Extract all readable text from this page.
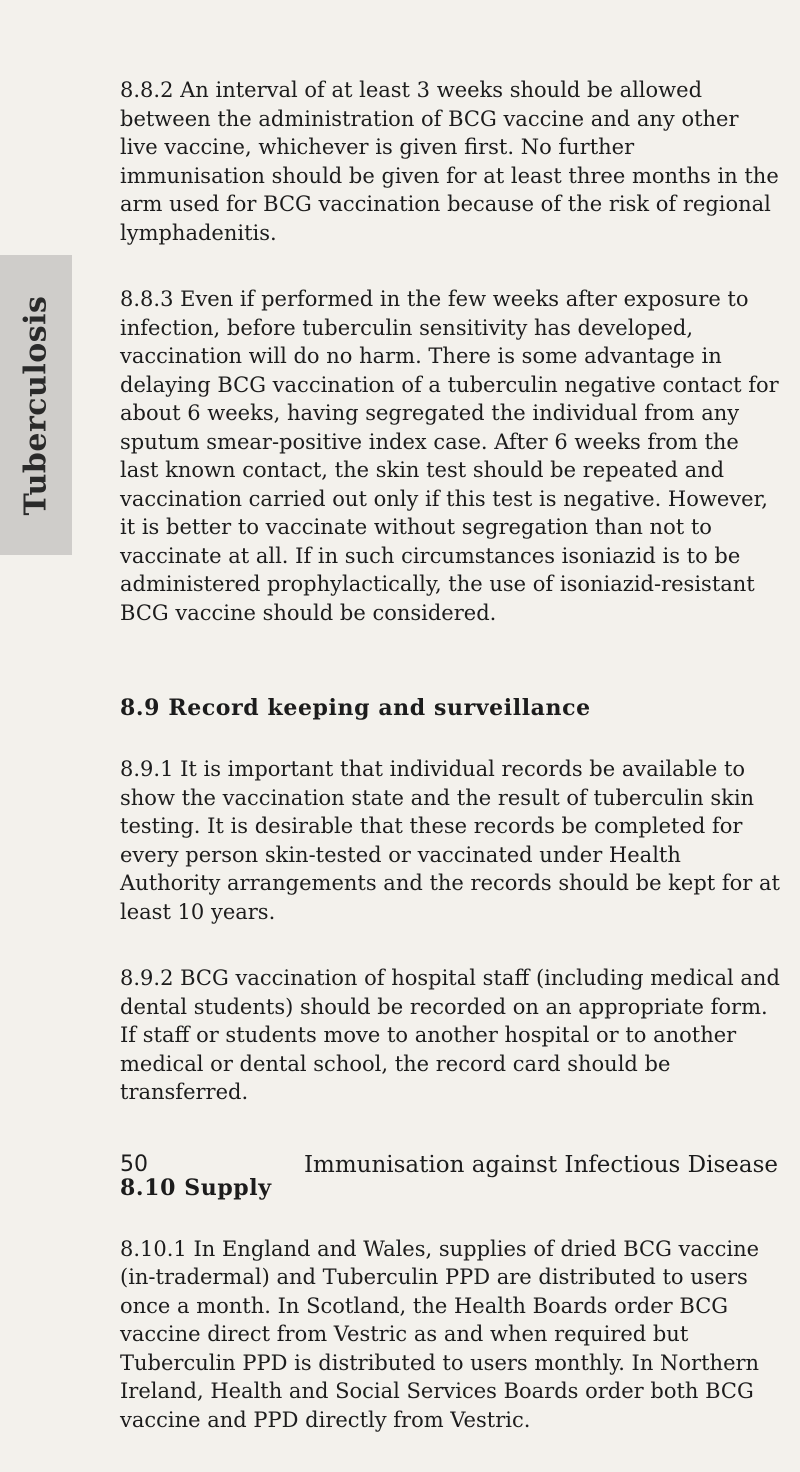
Tuberculosis

8.8.2 An interval of at least 3 weeks should be allowed between the administration of BCG vaccine and any other live vaccine, whichever is given first. No further immunisation should be given for at least three months in the arm used for BCG vaccination because of the risk of regional lymphadenitis.

8.8.3 Even if performed in the few weeks after exposure to infection, before tuberculin sensitivity has developed, vaccination will do no harm. There is some advantage in delaying BCG vaccination of a tuberculin negative contact for about 6 weeks, having segregated the individual from any sputum smear-positive index case. After 6 weeks from the last known contact, the skin test should be repeated and vaccination carried out only if this test is negative. However, it is better to vaccinate without segregation than not to vaccinate at all. If in such circumstances isoniazid is to be administered prophylactically, the use of isoniazid-resistant BCG vaccine should be considered.

8.9 Record keeping and surveillance

8.9.1 It is important that individual records be available to show the vaccination state and the result of tuberculin skin testing. It is desirable that these records be completed for every person skin-tested or vaccinated under Health Authority arrangements and the records should be kept for at least 10 years.

8.9.2 BCG vaccination of hospital staff (including medical and dental students) should be recorded on an appropriate form. If staff or students move to another hospital or to another medical or dental school, the record card should be transferred.

8.10 Supply

8.10.1 In England and Wales, supplies of dried BCG vaccine (in-tradermal) and Tuberculin PPD are distributed to users once a month. In Scotland, the Health Boards order BCG vaccine direct from Vestric as and when required but Tuberculin PPD is distributed to users monthly. In Northern Ireland, Health and Social Services Boards order both BCG vaccine and PPD directly from Vestric.

50	Immunisation against Infectious Disease
